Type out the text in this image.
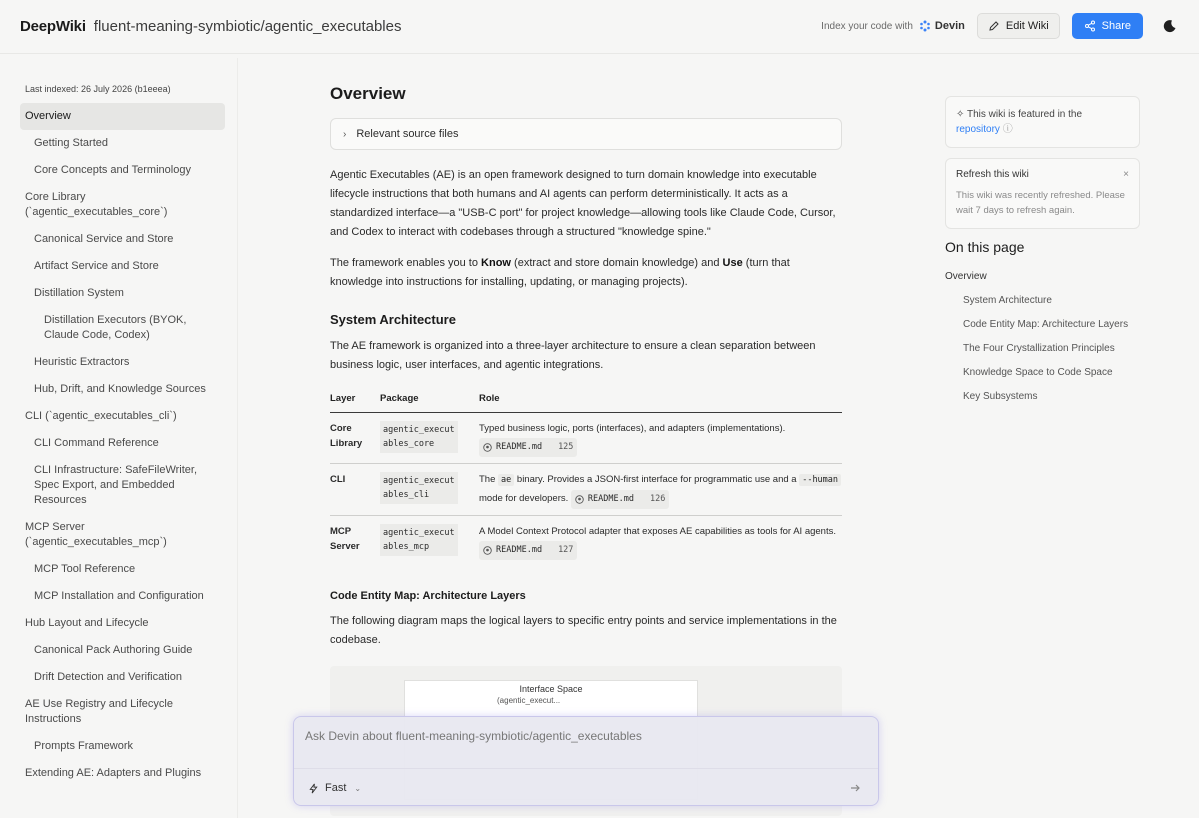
DeepWiki fluent-meaning-symbiotic/agentic_executables	Index your code with Devin	Edit Wiki	Share
Last indexed: 26 July 2026 (b1eeea)
Overview
Getting Started
Core Concepts and Terminology
Core Library (`agentic_executables_core`)
Canonical Service and Store
Artifact Service and Store
Distillation System
Distillation Executors (BYOK, Claude Code, Codex)
Heuristic Extractors
Hub, Drift, and Knowledge Sources
CLI (`agentic_executables_cli`)
CLI Command Reference
CLI Infrastructure: SafeFileWriter, Spec Export, and Embedded Resources
MCP Server (`agentic_executables_mcp`)
MCP Tool Reference
MCP Installation and Configuration
Hub Layout and Lifecycle
Canonical Pack Authoring Guide
Drift Detection and Verification
AE Use Registry and Lifecycle Instructions
Prompts Framework
Extending AE: Adapters and Plugins
Overview
› Relevant source files

Agentic Executables (AE) is an open framework designed to turn domain knowledge into executable lifecycle instructions that both humans and AI agents can perform deterministically. It acts as a standardized interface—a "USB-C port" for project knowledge—allowing tools like Claude Code, Cursor, and Codex to interact with codebases through a structured "knowledge spine."

The framework enables you to Know (extract and store domain knowledge) and Use (turn that knowledge into instructions for installing, updating, or managing projects).

System Architecture

The AE framework is organized into a three-layer architecture to ensure a clean separation between business logic, user interfaces, and agentic integrations.

Layer	Package	Role
Core Library	agentic_executables_core	Typed business logic, ports (interfaces), and adapters (implementations).

README.md 125

CLI	agentic_executables_cli	The ae binary. Provides a JSON-first interface for programmatic use and a --human mode for developers. README.md 126

MCP Server	agentic_executables_mcp	A Model Context Protocol adapter that exposes AE capabilities as tools for AI agents.
README.md 127
Code Entity Map: Architecture Layers

The following diagram maps the logical layers to specific entry points and service implementations in the codebase.

Interface Space
(agentic_execut...
✧ This wiki is featured in the
repository ⓘ
Refresh this wiki	×
This wiki was recently refreshed. Please wait 7 days to refresh again.
On this page
Overview
System Architecture
Code Entity Map: Architecture Layers
The Four Crystallization Principles
Knowledge Space to Code Space
Key Subsystems
Ask Devin about fluent-meaning-symbiotic/agentic_executables
Fast ⌄
